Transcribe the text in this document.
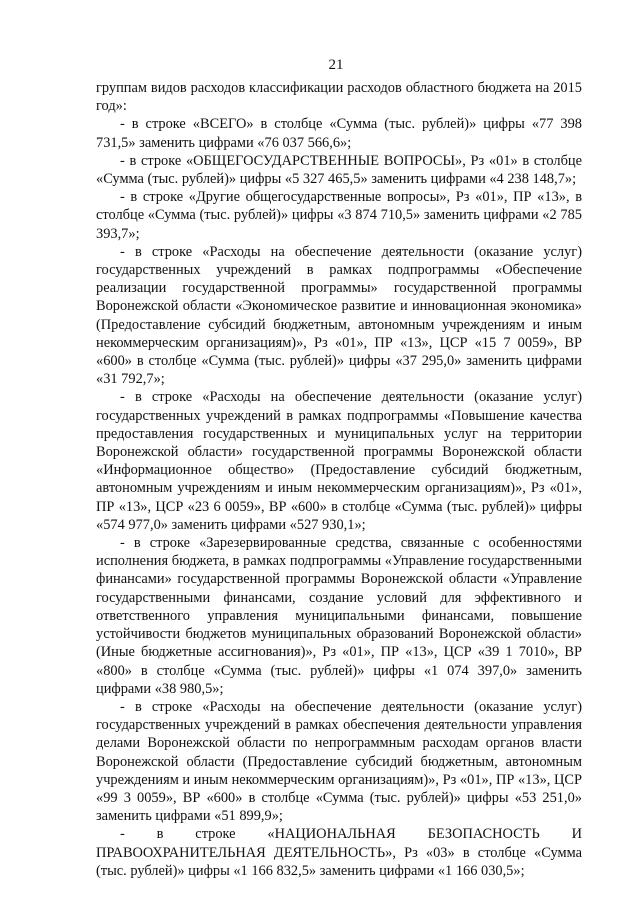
21

группам видов расходов классификации расходов областного бюджета на 2015 год»:

- в строке «ВСЕГО» в столбце «Сумма (тыс. рублей)» цифры «77 398 731,5» заменить цифрами «76 037 566,6»;

- в строке «ОБЩЕГОСУДАРСТВЕННЫЕ ВОПРОСЫ», Рз «01» в столбце «Сумма (тыс. рублей)» цифры «5 327 465,5» заменить цифрами «4 238 148,7»;

- в строке «Другие общегосударственные вопросы», Рз «01», ПР «13», в столбце «Сумма (тыс. рублей)» цифры «3 874 710,5» заменить цифрами «2 785 393,7»;

- в строке «Расходы на обеспечение деятельности (оказание услуг) государственных учреждений в рамках подпрограммы «Обеспечение реализации государственной программы» государственной программы Воронежской области «Экономическое развитие и инновационная экономика» (Предоставление субсидий бюджетным, автономным учреждениям и иным некоммерческим организациям)», Рз «01», ПР «13», ЦСР «15 7 0059», ВР «600» в столбце «Сумма (тыс. рублей)» цифры «37 295,0» заменить цифрами «31 792,7»;

- в строке «Расходы на обеспечение деятельности (оказание услуг) государственных учреждений в рамках подпрограммы «Повышение качества предоставления государственных и муниципальных услуг на территории Воронежской области» государственной программы Воронежской области «Информационное общество» (Предоставление субсидий бюджетным, автономным учреждениям и иным некоммерческим организациям)», Рз «01», ПР «13», ЦСР «23 6 0059», ВР «600» в столбце «Сумма (тыс. рублей)» цифры «574 977,0» заменить цифрами «527 930,1»;

- в строке «Зарезервированные средства, связанные с особенностями исполнения бюджета, в рамках подпрограммы «Управление государственными финансами» государственной программы Воронежской области «Управление государственными финансами, создание условий для эффективного и ответственного управления муниципальными финансами, повышение устойчивости бюджетов муниципальных образований Воронежской области» (Иные бюджетные ассигнования)», Рз «01», ПР «13», ЦСР «39 1 7010», ВР «800» в столбце «Сумма (тыс. рублей)» цифры «1 074 397,0» заменить цифрами «38 980,5»;

- в строке «Расходы на обеспечение деятельности (оказание услуг) государственных учреждений в рамках обеспечения деятельности управления делами Воронежской области по непрограммным расходам органов власти Воронежской области (Предоставление субсидий бюджетным, автономным учреждениям и иным некоммерческим организациям)», Рз «01», ПР «13», ЦСР «99 3 0059», ВР «600» в столбце «Сумма (тыс. рублей)» цифры «53 251,0» заменить цифрами «51 899,9»;

- в строке «НАЦИОНАЛЬНАЯ БЕЗОПАСНОСТЬ И ПРАВООХРАНИТЕЛЬНАЯ ДЕЯТЕЛЬНОСТЬ», Рз «03» в столбце «Сумма (тыс. рублей)» цифры «1 166 832,5» заменить цифрами «1 166 030,5»;
